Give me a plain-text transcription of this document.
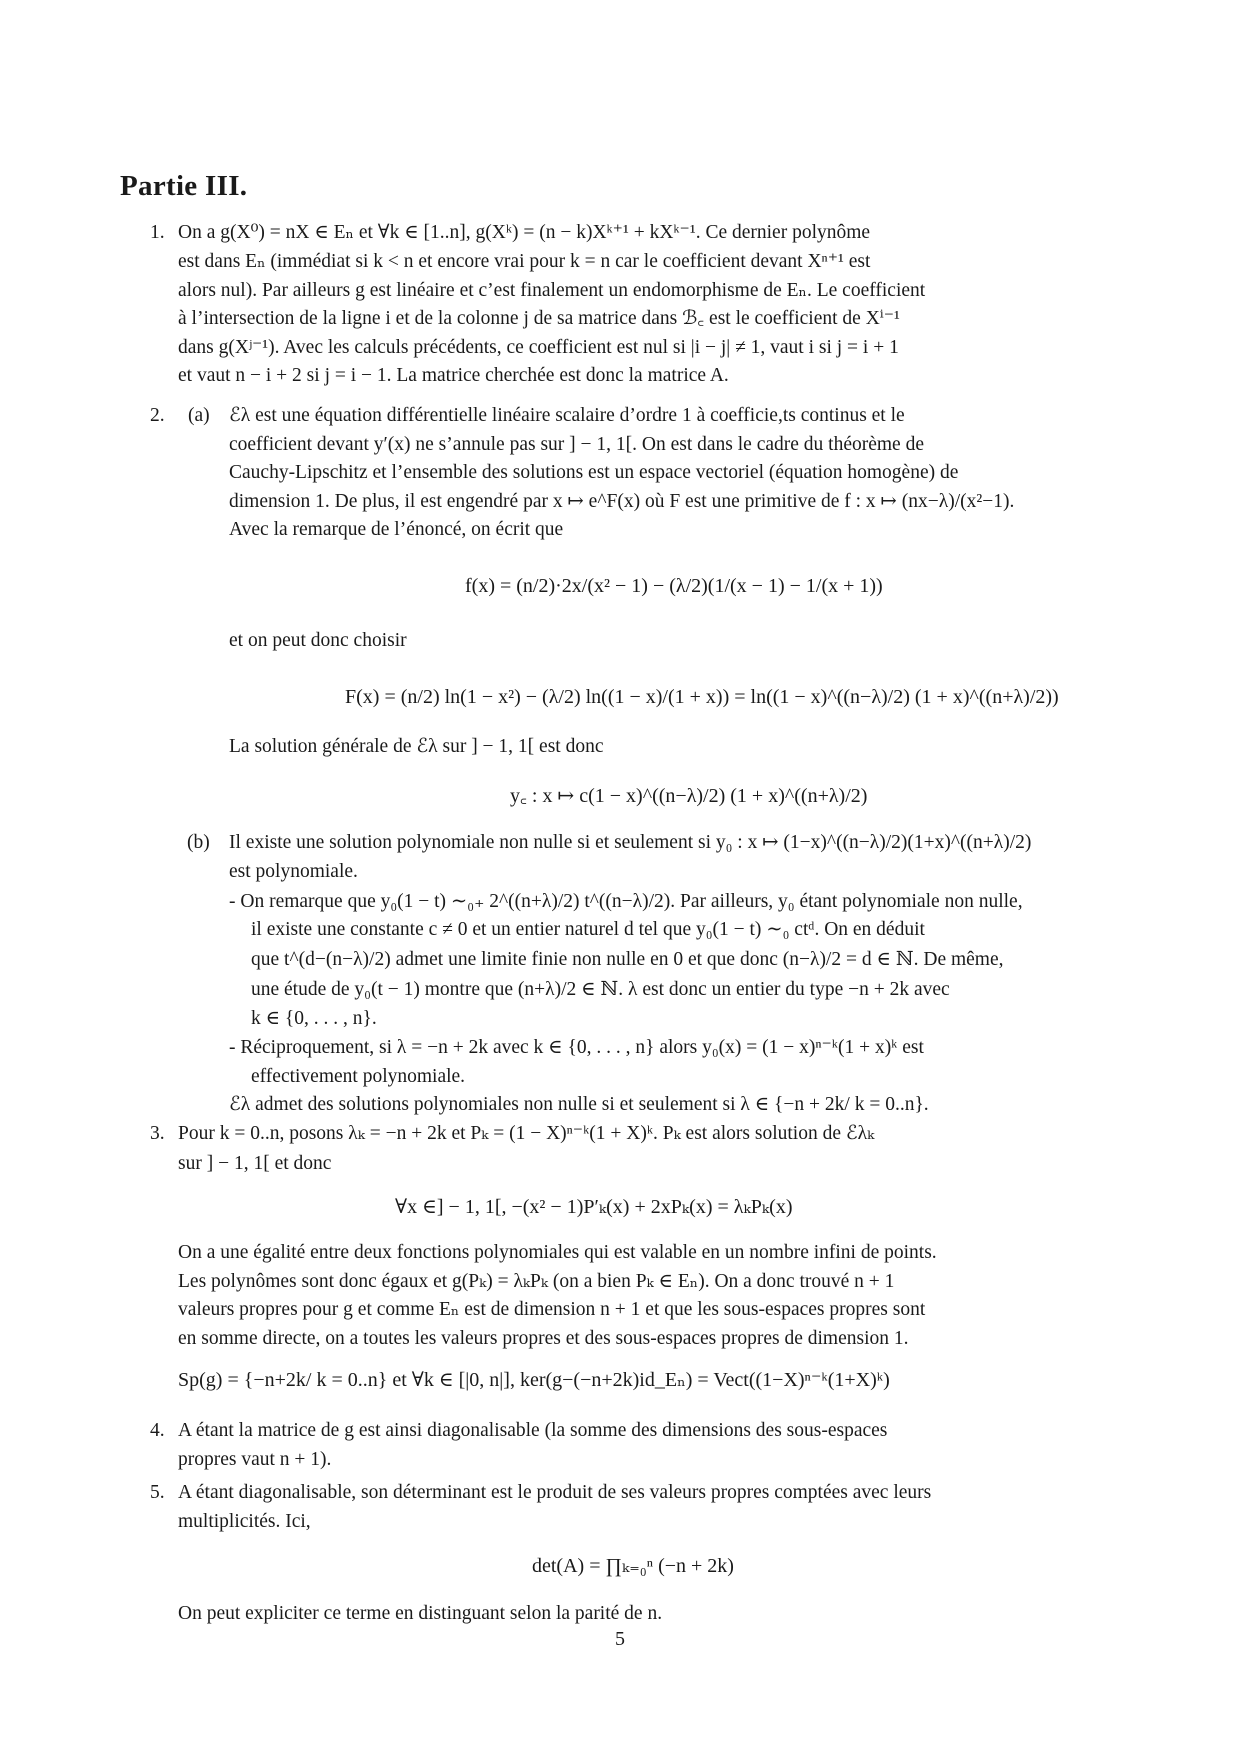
Partie III.
1. On a g(X⁰) = nX ∈ Eₙ et ∀k ∈ [1..n], g(Xᵏ) = (n − k)Xᵏ⁺¹ + kXᵏ⁻¹. Ce dernier polynôme
est dans Eₙ (immédiat si k < n et encore vrai pour k = n car le coefficient devant Xⁿ⁺¹ est
alors nul). Par ailleurs g est linéaire et c’est finalement un endomorphisme de Eₙ. Le coefficient
à l’intersection de la ligne i et de la colonne j de sa matrice dans ℬ꜀ est le coefficient de Xⁱ⁻¹
dans g(Xʲ⁻¹). Avec les calculs précédents, ce coefficient est nul si |i − j| ≠ 1, vaut i si j = i + 1
et vaut n − i + 2 si j = i − 1. La matrice cherchée est donc la matrice A.
2. (a) ℰλ est une équation différentielle linéaire scalaire d’ordre 1 à coefficie,ts continus et le
coefficient devant y′(x) ne s’annule pas sur ] − 1, 1[. On est dans le cadre du théorème de
Cauchy-Lipschitz et l’ensemble des solutions est un espace vectoriel (équation homogène) de
dimension 1. De plus, il est engendré par x ↦ e^F(x) où F est une primitive de f : x ↦ (nx−λ)/(x²−1).
Avec la remarque de l’énoncé, on écrit que
f(x) = (n/2)·2x/(x² − 1) − (λ/2)(1/(x − 1) − 1/(x + 1))
et on peut donc choisir
F(x) = (n/2) ln(1 − x²) − (λ/2) ln((1 − x)/(1 + x)) = ln((1 − x)^((n−λ)/2) (1 + x)^((n+λ)/2))
La solution générale de ℰλ sur ] − 1, 1[ est donc
y꜀ : x ↦ c(1 − x)^((n−λ)/2) (1 + x)^((n+λ)/2)
(b) Il existe une solution polynomiale non nulle si et seulement si y₀ : x ↦ (1−x)^((n−λ)/2)(1+x)^((n+λ)/2)
est polynomiale.
- On remarque que y₀(1 − t) ∼₀₊ 2^((n+λ)/2) t^((n−λ)/2). Par ailleurs, y₀ étant polynomiale non nulle,
il existe une constante c ≠ 0 et un entier naturel d tel que y₀(1 − t) ∼₀ ctᵈ. On en déduit
que t^(d−(n−λ)/2) admet une limite finie non nulle en 0 et que donc (n−λ)/2 = d ∈ ℕ. De même,
une étude de y₀(t − 1) montre que (n+λ)/2 ∈ ℕ. λ est donc un entier du type −n + 2k avec
k ∈ {0, . . . , n}.
- Réciproquement, si λ = −n + 2k avec k ∈ {0, . . . , n} alors y₀(x) = (1 − x)ⁿ⁻ᵏ(1 + x)ᵏ est
effectivement polynomiale.
ℰλ admet des solutions polynomiales non nulle si et seulement si λ ∈ {−n + 2k/ k = 0..n}.
3. Pour k = 0..n, posons λₖ = −n + 2k et Pₖ = (1 − X)ⁿ⁻ᵏ(1 + X)ᵏ. Pₖ est alors solution de ℰλₖ
sur ] − 1, 1[ et donc
∀x ∈] − 1, 1[, −(x² − 1)P′ₖ(x) + 2xPₖ(x) = λₖPₖ(x)
On a une égalité entre deux fonctions polynomiales qui est valable en un nombre infini de points.
Les polynômes sont donc égaux et g(Pₖ) = λₖPₖ (on a bien Pₖ ∈ Eₙ). On a donc trouvé n + 1
valeurs propres pour g et comme Eₙ est de dimension n + 1 et que les sous-espaces propres sont
en somme directe, on a toutes les valeurs propres et des sous-espaces propres de dimension 1.
Sp(g) = {−n+2k/ k = 0..n} et ∀k ∈ [|0, n|], ker(g−(−n+2k)id_Eₙ) = Vect((1−X)ⁿ⁻ᵏ(1+X)ᵏ)
4. A étant la matrice de g est ainsi diagonalisable (la somme des dimensions des sous-espaces
propres vaut n + 1).
5. A étant diagonalisable, son déterminant est le produit de ses valeurs propres comptées avec leurs
multiplicités. Ici,
det(A) = ∏ₖ₌₀ⁿ (−n + 2k)
On peut expliciter ce terme en distinguant selon la parité de n.
5
